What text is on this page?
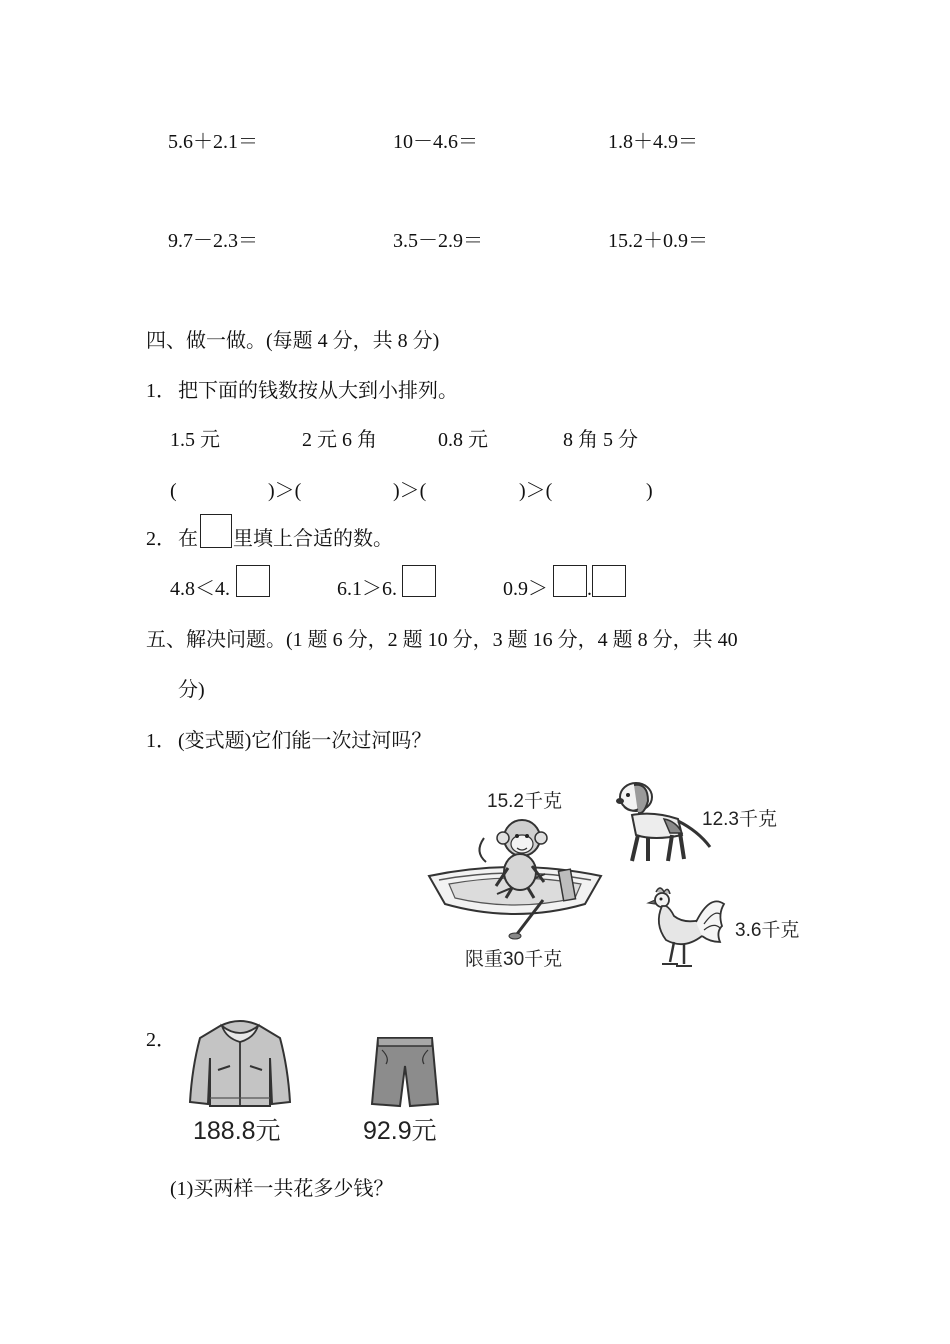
5.6＋2.1＝	10－4.6＝	1.8＋4.9＝
9.7－2.3＝	3.5－2.9＝	15.2＋0.9＝
四、做一做。(每题 4 分，共 8 分)
1． 把下面的钱数按从大到小排列。
1.5 元	2 元 6 角	0.8 元	8 角 5 分
(	)＞(	)＞(	)＞(	)
2． 在 里填上合适的数。
4.8＜4.	6.1＞6.	0.9＞ .
五、解决问题。(1 题 6 分，2 题 10 分，3 题 16 分，4 题 8 分，共 40
分)
1． (变式题)它们能一次过河吗？
15.2千克
12.3千克
3.6千克
限重30千克
2．
188.8元	92.9元
(1)买两样一共花多少钱？
